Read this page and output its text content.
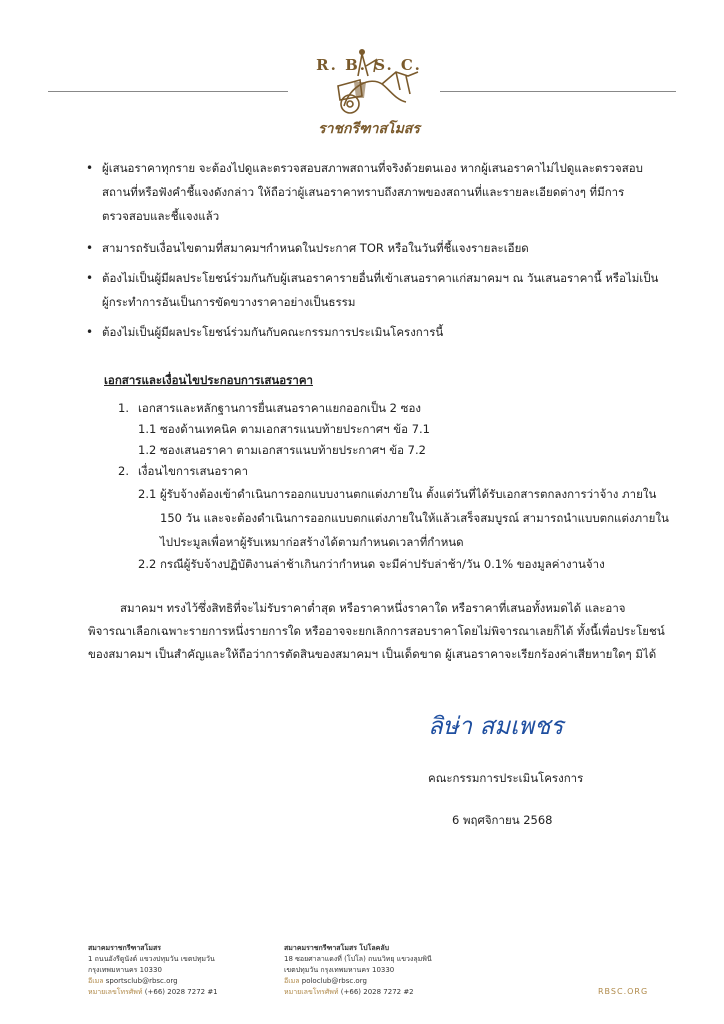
R. B. S. C.
ราชกรีฑาสโมสร
• ผู้เสนอราคาทุกราย จะต้องไปดูและตรวจสอบสภาพสถานที่จริงด้วยตนเอง หากผู้เสนอราคาไม่ไปดูและตรวจสอบ
สถานที่หรือฟังคำชี้แจงดังกล่าว ให้ถือว่าผู้เสนอราคาทราบถึงสภาพของสถานที่และรายละเอียดต่างๆ ที่มีการ
ตรวจสอบและชี้แจงแล้ว
• สามารถรับเงื่อนไขตามที่สมาคมฯกำหนดในประกาศ TOR หรือในวันที่ชี้แจงรายละเอียด
• ต้องไม่เป็นผู้มีผลประโยชน์ร่วมกันกับผู้เสนอราคารายอื่นที่เข้าเสนอราคาแก่สมาคมฯ ณ วันเสนอราคานี้ หรือไม่เป็น
ผู้กระทำการอันเป็นการขัดขวางราคาอย่างเป็นธรรม
• ต้องไม่เป็นผู้มีผลประโยชน์ร่วมกันกับคณะกรรมการประเมินโครงการนี้
เอกสารและเงื่อนไขประกอบการเสนอราคา
1. เอกสารและหลักฐานการยื่นเสนอราคาแยกออกเป็น 2 ซอง
1.1 ซองด้านเทคนิค ตามเอกสารแนบท้ายประกาศฯ ข้อ 7.1
1.2 ซองเสนอราคา ตามเอกสารแนบท้ายประกาศฯ ข้อ 7.2
2. เงื่อนไขการเสนอราคา
2.1 ผู้รับจ้างต้องเข้าดำเนินการออกแบบงานตกแต่งภายใน ตั้งแต่วันที่ได้รับเอกสารตกลงการว่าจ้าง ภายใน
150 วัน และจะต้องดำเนินการออกแบบตกแต่งภายในให้แล้วเสร็จสมบูรณ์ สามารถนำแบบตกแต่งภายใน
ไปประมูลเพื่อหาผู้รับเหมาก่อสร้างได้ตามกำหนดเวลาที่กำหนด
2.2 กรณีผู้รับจ้างปฏิบัติงานล่าช้าเกินกว่ากำหนด จะมีค่าปรับล่าช้า/วัน 0.1% ของมูลค่างานจ้าง
สมาคมฯ ทรงไว้ซึ่งสิทธิที่จะไม่รับราคาต่ำสุด หรือราคาหนึ่งราคาใด หรือราคาที่เสนอทั้งหมดได้ และอาจ
พิจารณาเลือกเฉพาะรายการหนึ่งรายการใด หรืออาจจะยกเลิกการสอบราคาโดยไม่พิจารณาเลยก็ได้ ทั้งนี้เพื่อประโยชน์
ของสมาคมฯ เป็นสำคัญและให้ถือว่าการตัดสินของสมาคมฯ เป็นเด็ดขาด ผู้เสนอราคาจะเรียกร้องค่าเสียหายใดๆ มิได้
ลิษ่า สมเพชร
คณะกรรมการประเมินโครงการ
6 พฤศจิกายน 2568
สมาคมราชกรีฑาสโมสร
1 ถนนอังรีดูนังต์ แขวงปทุมวัน เขตปทุมวัน
กรุงเทพมหานคร 10330
อีเมล sportsclub@rbsc.org
หมายเลขโทรศัพท์ (+66) 2028 7272 #1
สมาคมราชกรีฑาสโมสร โปโลคลับ
18 ซอยศาลาแดงที่ (โปโล) ถนนวิทยุ แขวงลุมพินี
เขตปทุมวัน กรุงเทพมหานคร 10330
อีเมล poloclub@rbsc.org
หมายเลขโทรศัพท์ (+66) 2028 7272 #2	RBSC.ORG
